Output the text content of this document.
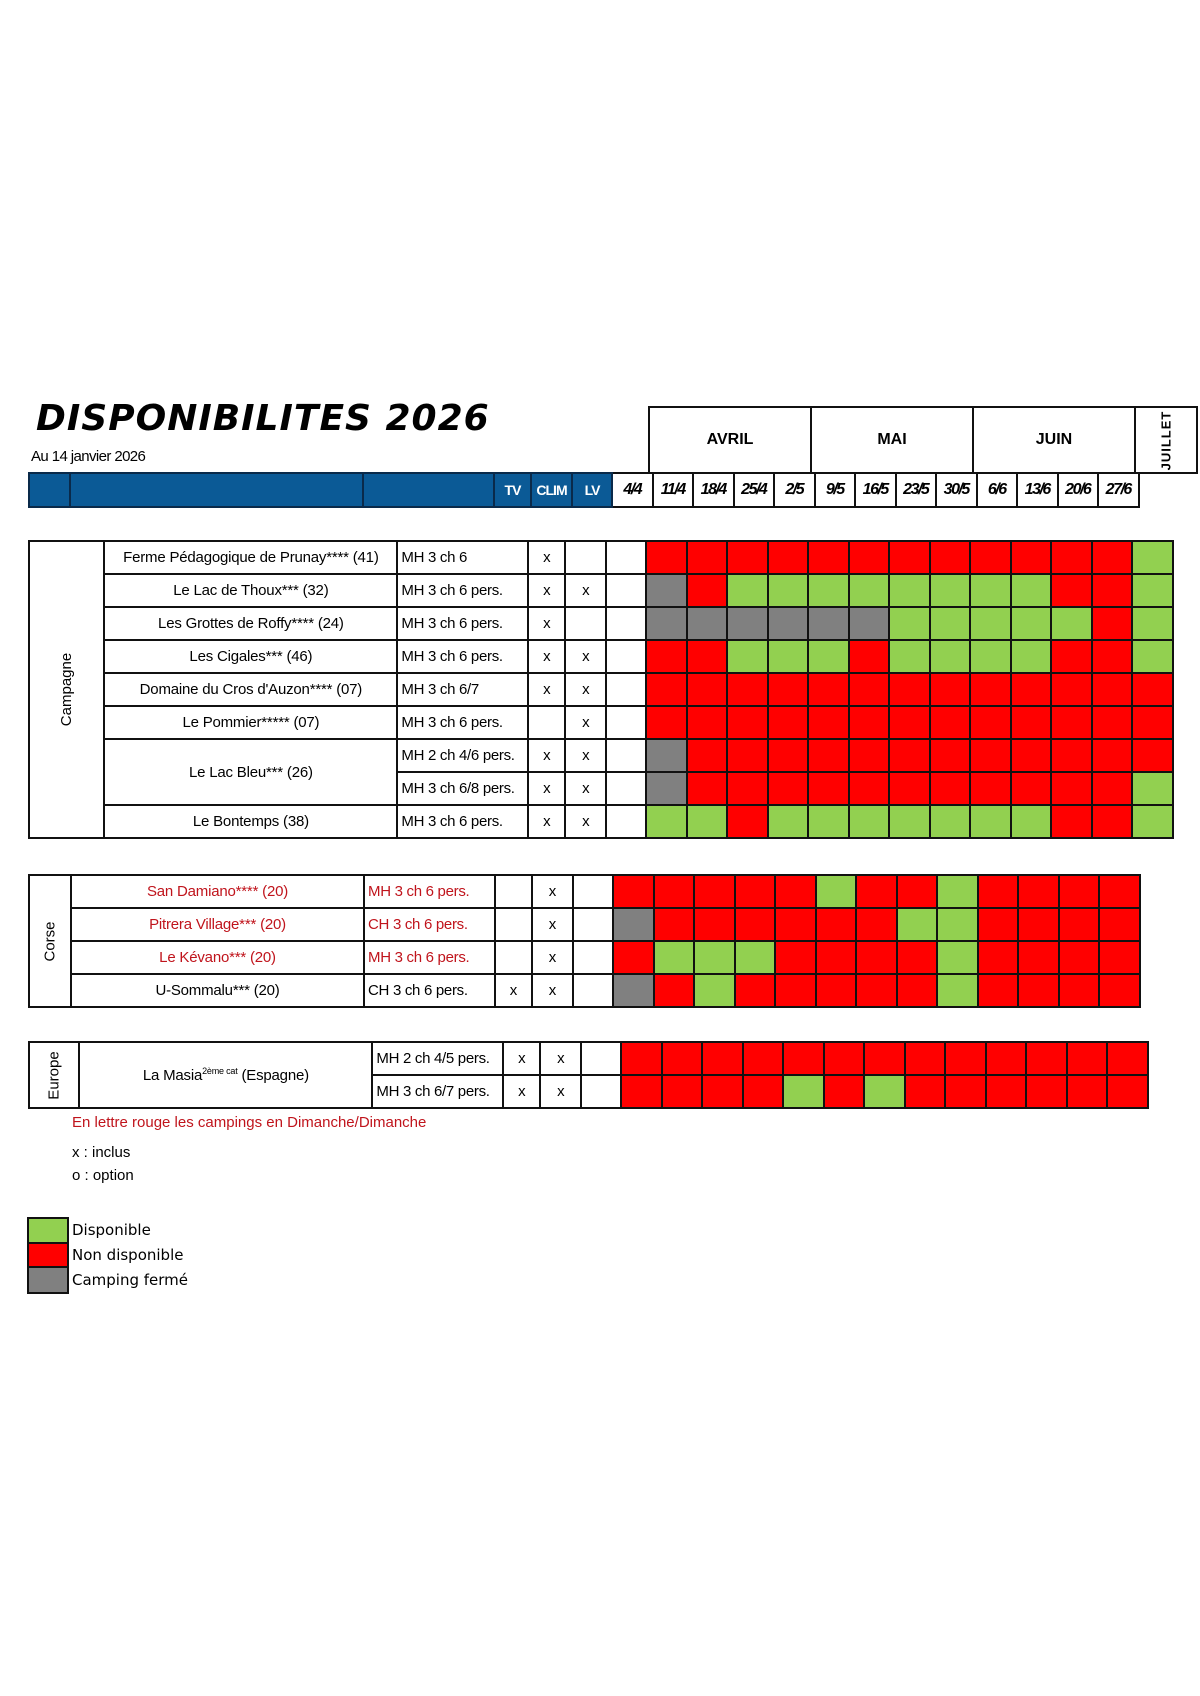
DISPONIBILITES 2026
Au 14 janvier 2026
AVRIL	MAI	JUIN	JUILLET
			TV	CLIM	LV	4/4	11/4	18/4	25/4	2/5	9/5	16/5	23/5	30/5	6/6	13/6	20/6	27/6
Campagne	Ferme Pédagogique de Prunay**** (41)	MH 3 ch 6	x															
	Le Lac de Thoux*** (32)	MH 3 ch 6 pers.	x	x														
	Les Grottes de Roffy**** (24)	MH 3 ch 6 pers.	x															
	Les Cigales*** (46)	MH 3 ch 6 pers.	x	x														
	Domaine du Cros d'Auzon**** (07)	MH 3 ch 6/7	x	x														
	Le Pommier***** (07)	MH 3 ch 6 pers.		x														
	Le Lac Bleu*** (26)	MH 2 ch 4/6 pers.	x	x														
		MH 3 ch 6/8 pers.	x	x														
	Le Bontemps (38)	MH 3 ch 6 pers.	x	x														
Corse	San Damiano**** (20)	MH 3 ch 6 pers.		x														
	Pitrera Village*** (20)	CH 3 ch 6 pers.		x														
	Le Kévano*** (20)	MH 3 ch 6 pers.		x														
	U-Sommalu*** (20)	CH 3 ch 6 pers.	x	x														
Europe	La Masia$^{2ème cat}$ (Espagne)	MH 2 ch 4/5 pers.	x	x														
		MH 3 ch 6/7 pers.	x	x														
En lettre rouge les campings en Dimanche/Dimanche
x : inclus
o : option
Disponible
Non disponible
Camping fermé
